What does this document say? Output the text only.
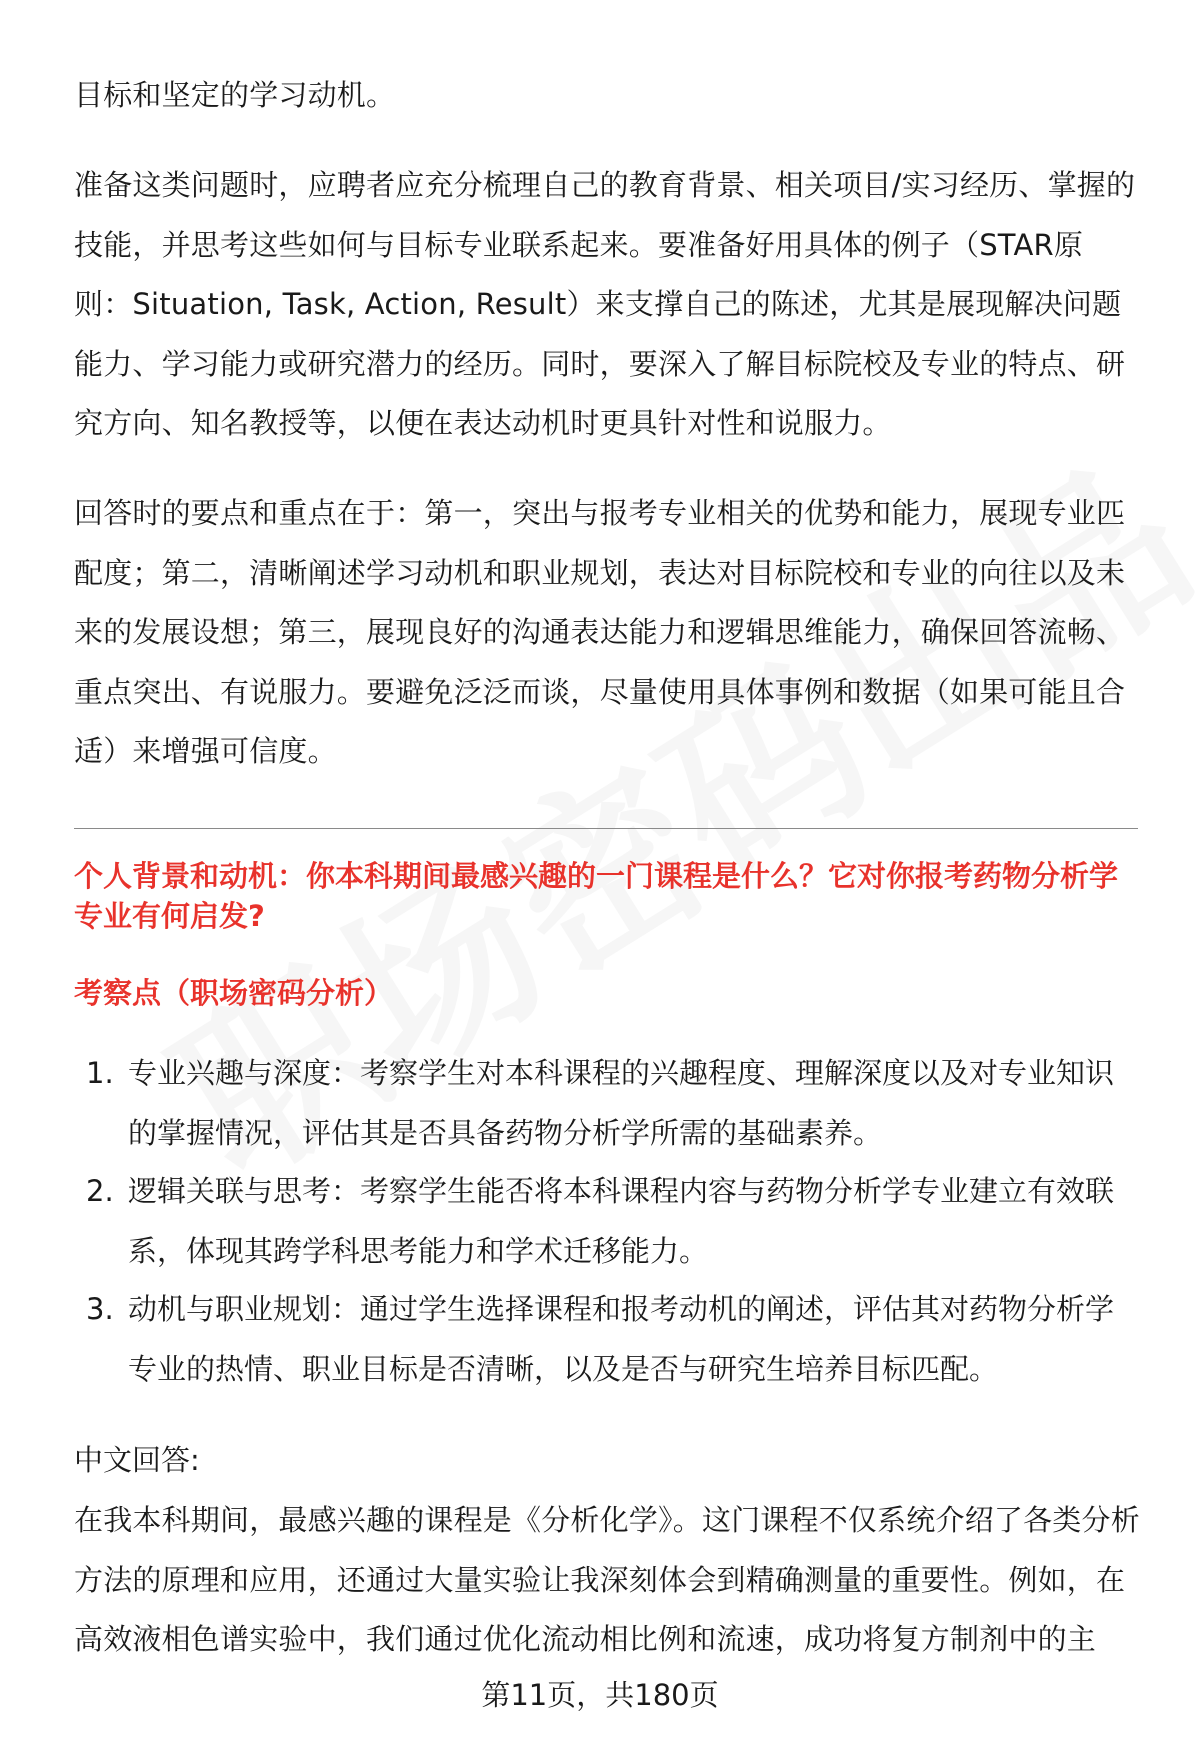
目标和坚定的学习动机。

准备这类问题时，应聘者应充分梳理自己的教育背景、相关项目/实习经历、掌握的技能，并思考这些如何与目标专业联系起来。要准备好用具体的例子（STAR原则：Situation, Task, Action, Result）来支撑自己的陈述，尤其是展现解决问题能力、学习能力或研究潜力的经历。同时，要深入了解目标院校及专业的特点、研究方向、知名教授等，以便在表达动机时更具针对性和说服力。

回答时的要点和重点在于：第一，突出与报考专业相关的优势和能力，展现专业匹配度；第二，清晰阐述学习动机和职业规划，表达对目标院校和专业的向往以及未来的发展设想；第三，展现良好的沟通表达能力和逻辑思维能力，确保回答流畅、重点突出、有说服力。要避免泛泛而谈，尽量使用具体事例和数据（如果可能且合适）来增强可信度。

个人背景和动机：你本科期间最感兴趣的一门课程是什么？它对你报考药物分析学专业有何启发?
考察点（职场密码分析）
1. 专业兴趣与深度：考察学生对本科课程的兴趣程度、理解深度以及对专业知识的掌握情况，评估其是否具备药物分析学所需的基础素养。
2. 逻辑关联与思考：考察学生能否将本科课程内容与药物分析学专业建立有效联系，体现其跨学科思考能力和学术迁移能力。
3. 动机与职业规划：通过学生选择课程和报考动机的阐述，评估其对药物分析学专业的热情、职业目标是否清晰，以及是否与研究生培养目标匹配。

中文回答:

在我本科期间，最感兴趣的课程是《分析化学》。这门课程不仅系统介绍了各类分析方法的原理和应用，还通过大量实验让我深刻体会到精确测量的重要性。例如，在高效液相色谱实验中，我们通过优化流动相比例和流速，成功将复方制剂中的主

第11页，共180页
